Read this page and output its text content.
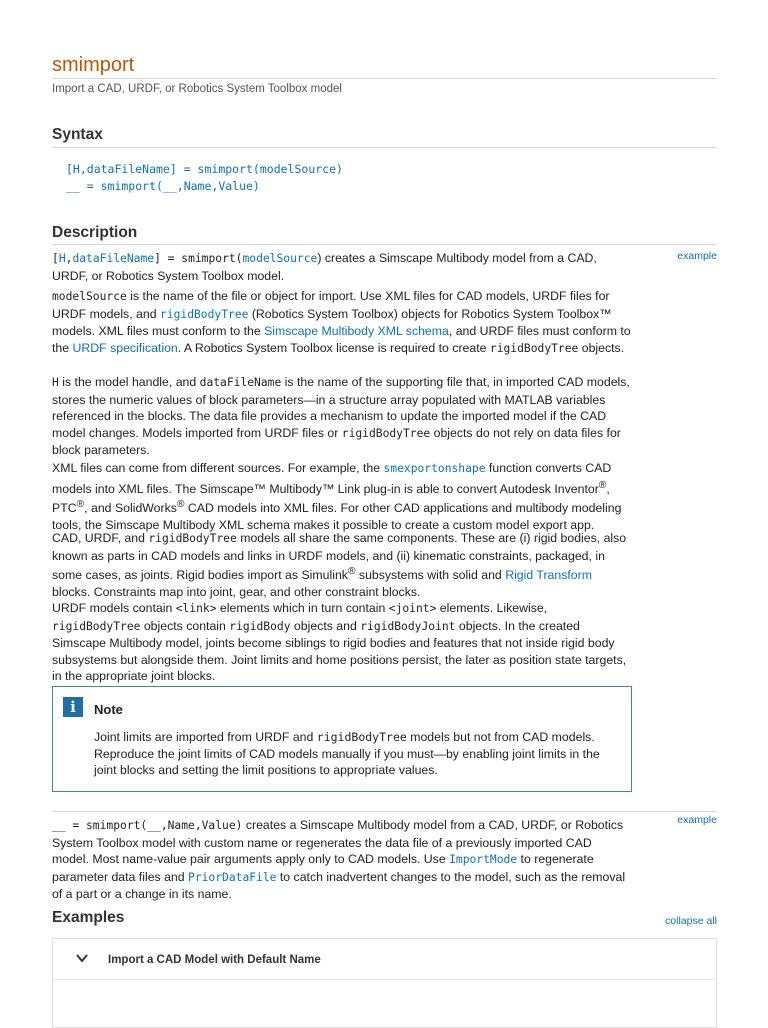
smimport
Import a CAD, URDF, or Robotics System Toolbox model
Syntax
[H,dataFileName] = smimport(modelSource)
__ = smimport(__,Name,Value)
Description
example
[H,dataFileName] = smimport(modelSource) creates a Simscape Multibody model from a CAD, URDF, or Robotics System Toolbox model.
modelSource is the name of the file or object for import. Use XML files for CAD models, URDF files for URDF models, and rigidBodyTree (Robotics System Toolbox) objects for Robotics System Toolbox™ models. XML files must conform to the Simscape Multibody XML schema, and URDF files must conform to the URDF specification. A Robotics System Toolbox license is required to create rigidBodyTree objects.
H is the model handle, and dataFileName is the name of the supporting file that, in imported CAD models, stores the numeric values of block parameters—in a structure array populated with MATLAB variables referenced in the blocks. The data file provides a mechanism to update the imported model if the CAD model changes. Models imported from URDF files or rigidBodyTree objects do not rely on data files for block parameters.
XML files can come from different sources. For example, the smexportonshape function converts CAD models into XML files. The Simscape™ Multibody™ Link plug-in is able to convert Autodesk Inventor®, PTC®, and SolidWorks® CAD models into XML files. For other CAD applications and multibody modeling tools, the Simscape Multibody XML schema makes it possible to create a custom model export app.
CAD, URDF, and rigidBodyTree models all share the same components. These are (i) rigid bodies, also known as parts in CAD models and links in URDF models, and (ii) kinematic constraints, packaged, in some cases, as joints. Rigid bodies import as Simulink® subsystems with solid and Rigid Transform blocks. Constraints map into joint, gear, and other constraint blocks.
URDF models contain <link> elements which in turn contain <joint> elements. Likewise, rigidBodyTree objects contain rigidBody objects and rigidBodyJoint objects. In the created Simscape Multibody model, joints become siblings to rigid bodies and features that not inside rigid body subsystems but alongside them. Joint limits and home positions persist, the later as position state targets, in the appropriate joint blocks.
i	Note
Joint limits are imported from URDF and rigidBodyTree models but not from CAD models. Reproduce the joint limits of CAD models manually if you must—by enabling joint limits in the joint blocks and setting the limit positions to appropriate values.
example
__ = smimport(__,Name,Value) creates a Simscape Multibody model from a CAD, URDF, or Robotics System Toolbox model with custom name or regenerates the data file of a previously imported CAD model. Most name-value pair arguments apply only to CAD models. Use ImportMode to regenerate parameter data files and PriorDataFile to catch inadvertent changes to the model, such as the removal of a part or a change in its name.
Examples	collapse all
Import a CAD Model with Default Name
